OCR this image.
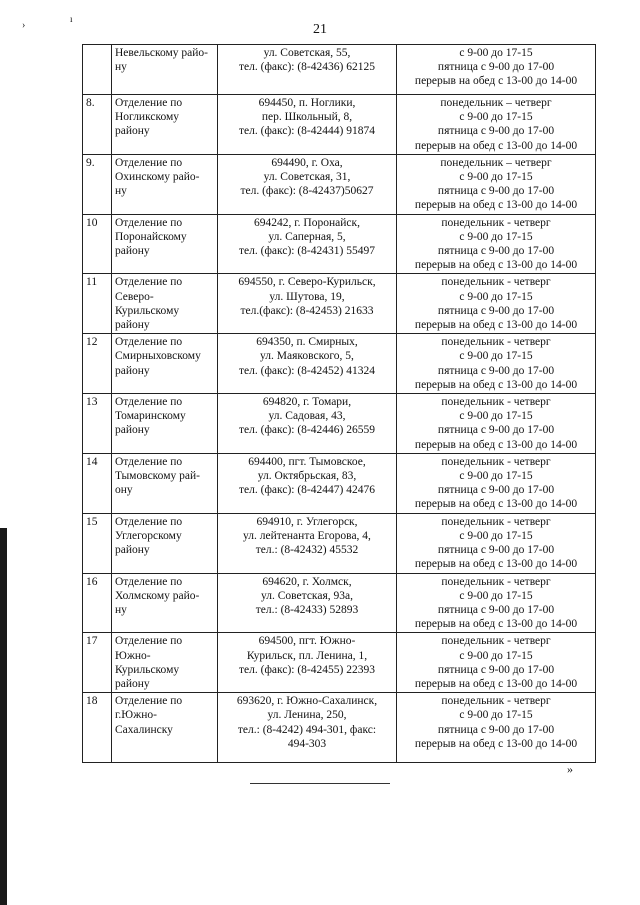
›
ı
21

	Невельскому райо-
ну	ул. Советская, 55,
тел. (факс): (8-42436) 62125	с 9-00 до 17-15
пятница с 9-00 до 17-00
перерыв на обед с 13-00 до 14-00

8.	Отделение по
Ногликскому
району	694450, п. Ноглики,
пер. Школьный, 8,
тел. (факс): (8-42444) 91874	понедельник – четверг
с 9-00 до 17-15
пятница с 9-00 до 17-00
перерыв на обед с 13-00 до 14-00

9.	Отделение по
Охинскому райо-
ну	694490, г. Оха,
ул. Советская, 31,
тел. (факс): (8-42437)50627	понедельник – четверг
с 9-00 до 17-15
пятница с 9-00 до 17-00
перерыв на обед с 13-00 до 14-00

10	Отделение по
Поронайскому
району	694242, г. Поронайск,
ул. Саперная, 5,
тел. (факс): (8-42431) 55497	понедельник - четверг
с 9-00 до 17-15
пятница с 9-00 до 17-00
перерыв на обед с 13-00 до 14-00

11	Отделение по
Северо-
Курильскому
району	694550, г. Северо-Курильск,
ул. Шутова, 19,
тел.(факс): (8-42453) 21633	понедельник - четверг
с 9-00 до 17-15
пятница с 9-00 до 17-00
перерыв на обед с 13-00 до 14-00

12	Отделение по
Смирныховскому
району	694350, п. Смирных,
ул. Маяковского, 5,
тел. (факс): (8-42452) 41324	понедельник - четверг
с 9-00 до 17-15
пятница с 9-00 до 17-00
перерыв на обед с 13-00 до 14-00

13	Отделение по
Томаринскому
району	694820, г. Томари,
ул. Садовая, 43,
тел. (факс): (8-42446) 26559	понедельник - четверг
с 9-00 до 17-15
пятница с 9-00 до 17-00
перерыв на обед с 13-00 до 14-00

14	Отделение по
Тымовскому рай-
ону	694400, пгт. Тымовское,
ул. Октябрьская, 83,
тел. (факс): (8-42447) 42476	понедельник - четверг
с 9-00 до 17-15
пятница с 9-00 до 17-00
перерыв на обед с 13-00 до 14-00

15	Отделение по
Углегорскому
району	694910, г. Углегорск,
ул. лейтенанта Егорова, 4,
тел.: (8-42432) 45532	понедельник - четверг
с 9-00 до 17-15
пятница с 9-00 до 17-00
перерыв на обед с 13-00 до 14-00

16	Отделение по
Холмскому райо-
ну	694620, г. Холмск,
ул. Советская, 93а,
тел.: (8-42433) 52893	понедельник - четверг
с 9-00 до 17-15
пятница с 9-00 до 17-00
перерыв на обед с 13-00 до 14-00

17	Отделение по
Южно-
Курильскому
району	694500, пгт. Южно-
Курильск, пл. Ленина, 1,
тел. (факс): (8-42455) 22393	понедельник - четверг
с 9-00 до 17-15
пятница с 9-00 до 17-00
перерыв на обед с 13-00 до 14-00

18	Отделение по
г.Южно-
Сахалинску	693620, г. Южно-Сахалинск,
ул. Ленина, 250,
тел.: (8-4242) 494-301, факс:
494-303	понедельник - четверг
с 9-00 до 17-15
пятница с 9-00 до 17-00
перерыв на обед с 13-00 до 14-00
»
